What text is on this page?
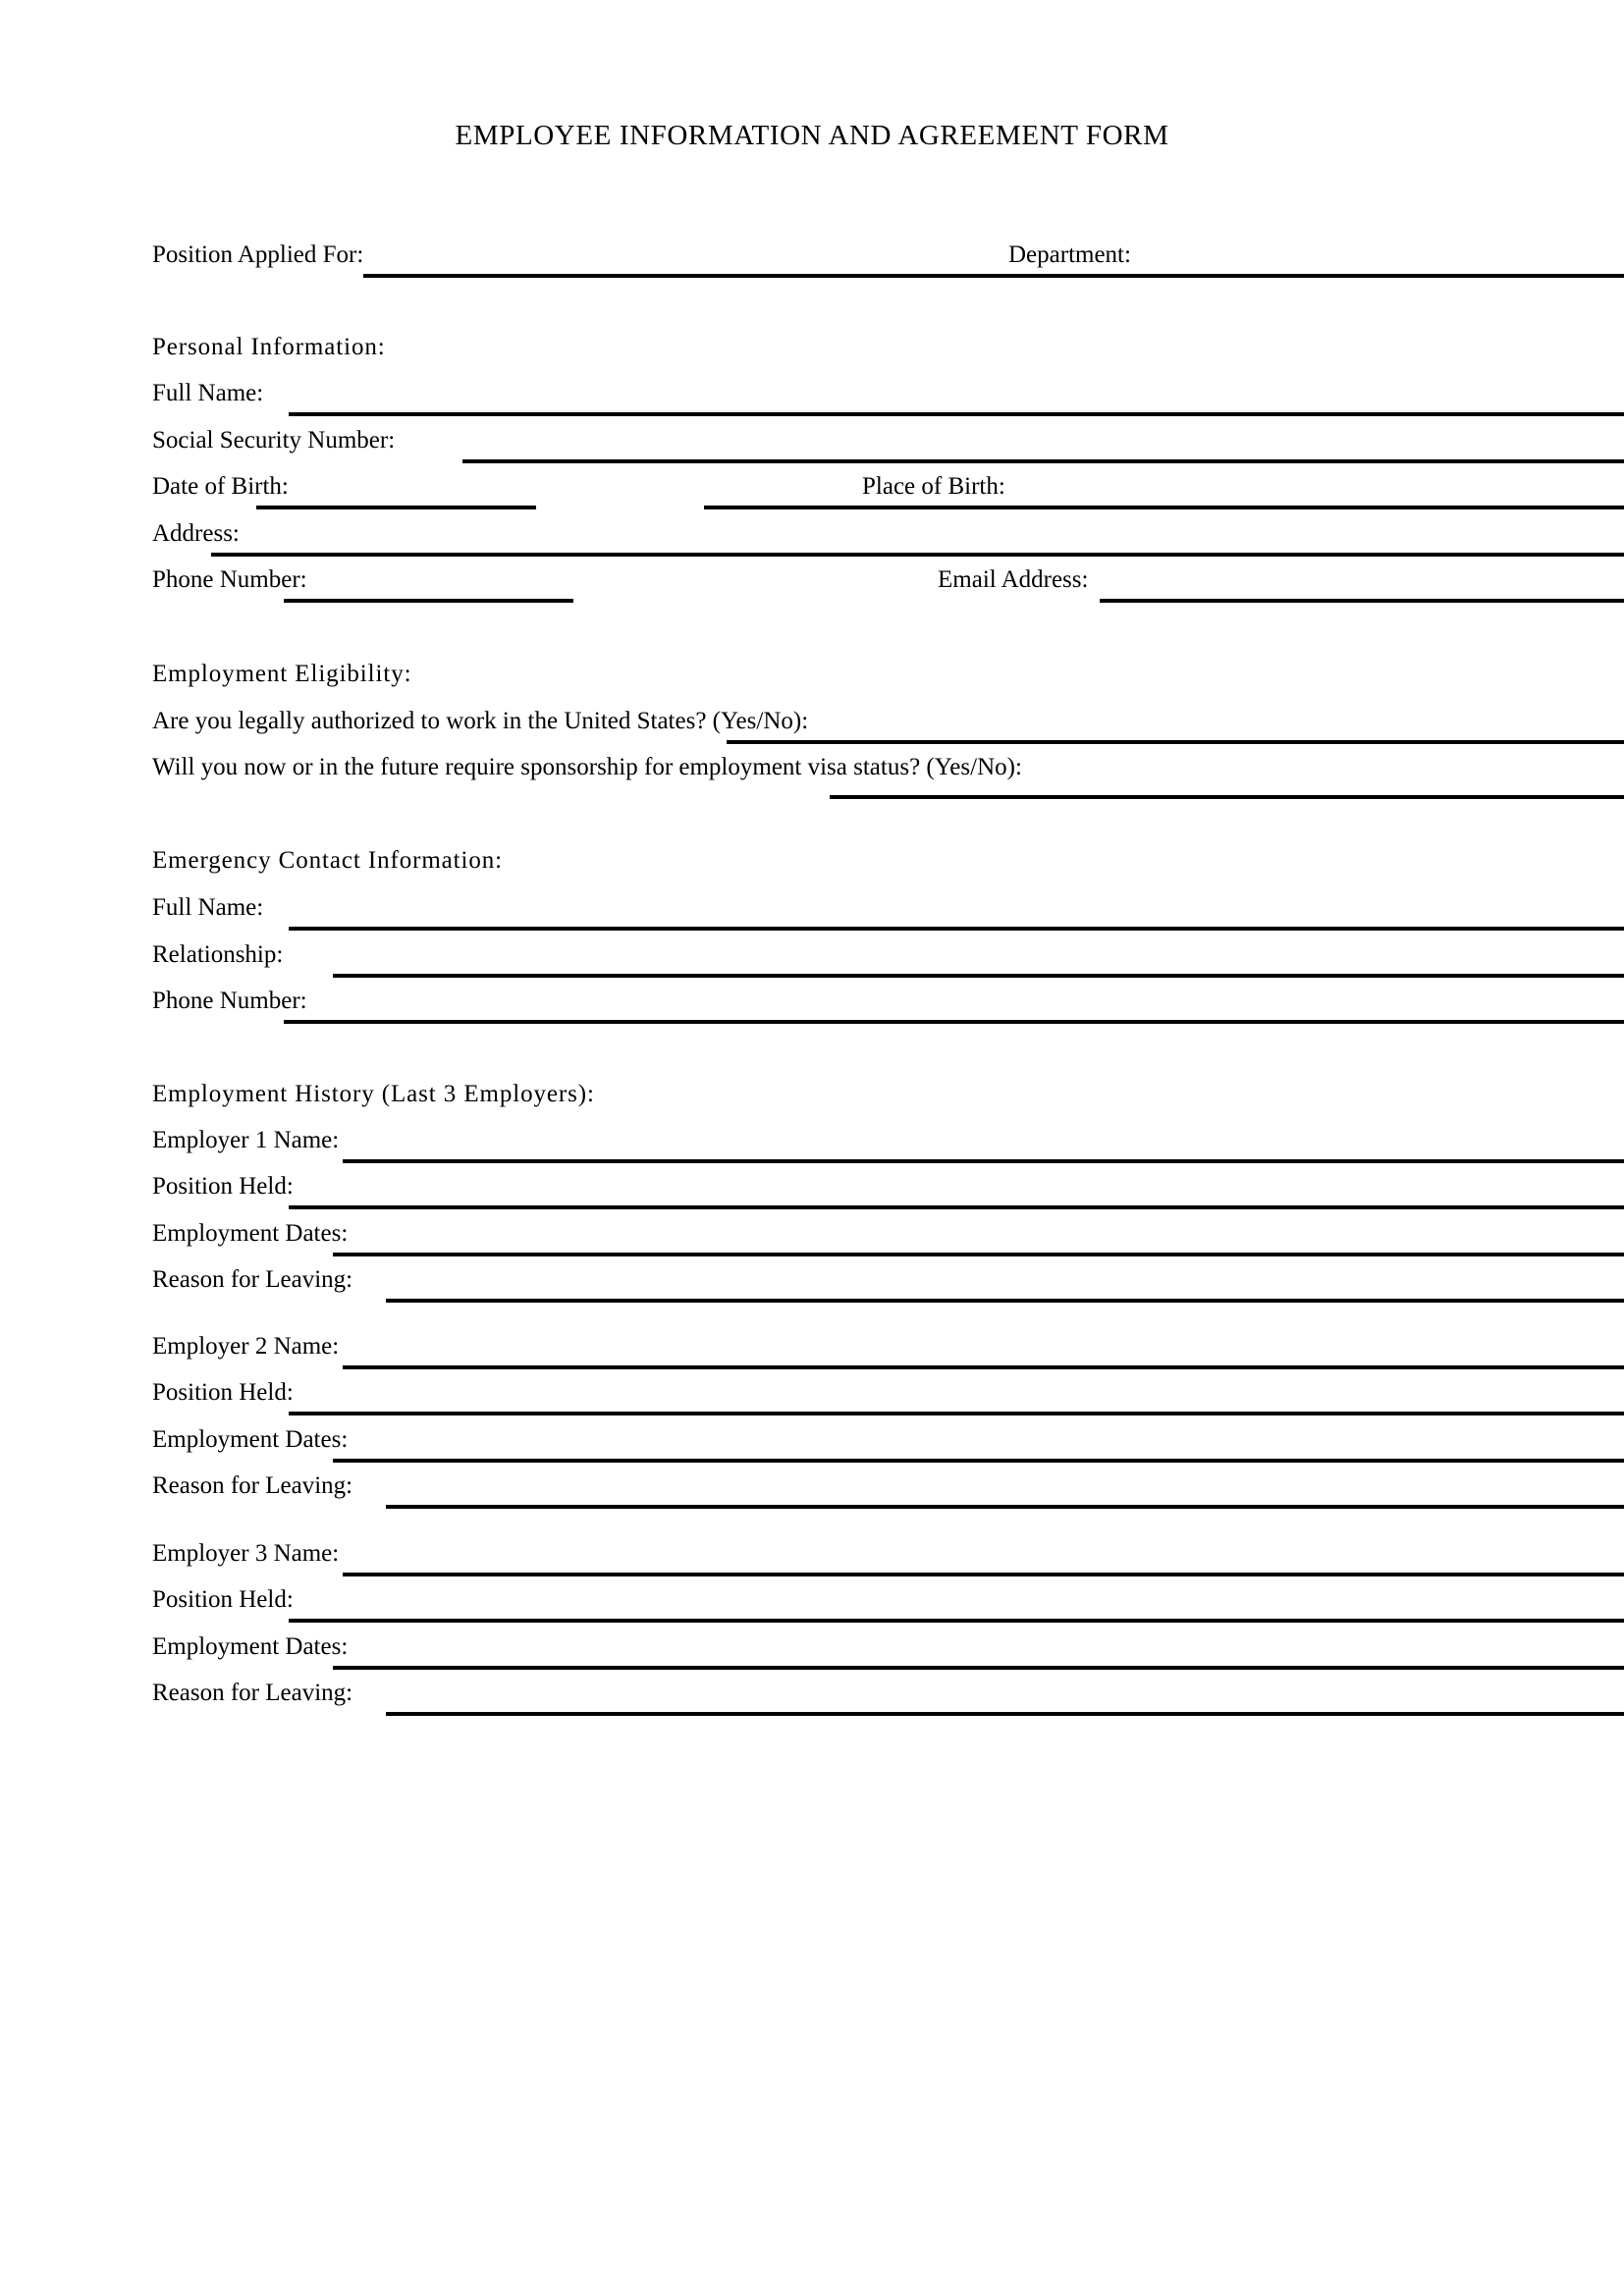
EMPLOYEE INFORMATION AND AGREEMENT FORM
Position Applied For:	Department:
Personal Information:
Full Name:
Social Security Number:
Date of Birth:	Place of Birth:
Address:
Phone Number:	Email Address:
Employment Eligibility:
Are you legally authorized to work in the United States? (Yes/No):
Will you now or in the future require sponsorship for employment visa status? (Yes/No):
Emergency Contact Information:
Full Name:
Relationship:
Phone Number:
Employment History (Last 3 Employers):
Employer 1 Name:
Position Held:
Employment Dates:
Reason for Leaving:
Employer 2 Name:
Position Held:
Employment Dates:
Reason for Leaving:
Employer 3 Name:
Position Held:
Employment Dates:
Reason for Leaving:
